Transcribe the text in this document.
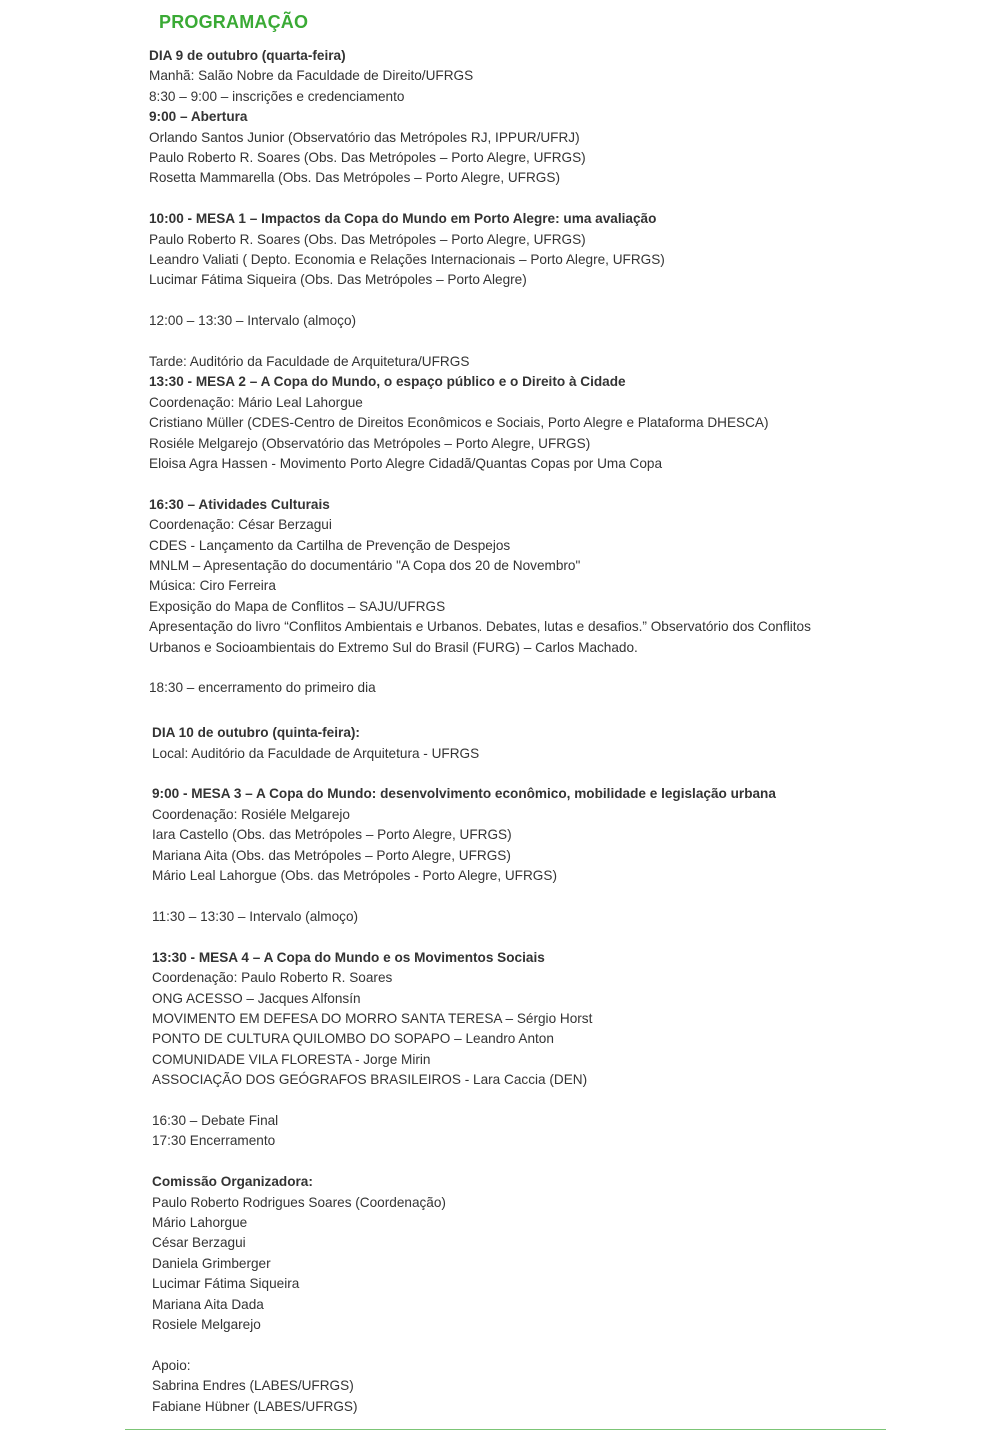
PROGRAMAÇÃO
DIA 9 de outubro (quarta-feira)
Manhã: Salão Nobre da Faculdade de Direito/UFRGS
8:30 – 9:00 – inscrições e credenciamento
9:00 – Abertura
Orlando Santos Junior (Observatório das Metrópoles RJ, IPPUR/UFRJ)
Paulo Roberto R. Soares (Obs. Das Metrópoles – Porto Alegre, UFRGS)
Rosetta Mammarella (Obs. Das Metrópoles – Porto Alegre, UFRGS)
10:00 - MESA 1 – Impactos da Copa do Mundo em Porto Alegre: uma avaliação
Paulo Roberto R. Soares (Obs. Das Metrópoles – Porto Alegre, UFRGS)
Leandro Valiati ( Depto. Economia e Relações Internacionais – Porto Alegre, UFRGS)
Lucimar Fátima Siqueira (Obs. Das Metrópoles – Porto Alegre)
12:00 – 13:30 – Intervalo (almoço)
Tarde: Auditório da Faculdade de Arquitetura/UFRGS
13:30 - MESA 2 – A Copa do Mundo, o espaço público e o Direito à Cidade
Coordenação: Mário Leal Lahorgue
Cristiano Müller (CDES-Centro de Direitos Econômicos e Sociais, Porto Alegre e Plataforma DHESCA)
Rosiéle Melgarejo (Observatório das Metrópoles – Porto Alegre, UFRGS)
Eloisa Agra Hassen - Movimento Porto Alegre Cidadã/Quantas Copas por Uma Copa
16:30 – Atividades Culturais
Coordenação: César Berzagui
CDES - Lançamento da Cartilha de Prevenção de Despejos
MNLM – Apresentação do documentário "A Copa dos 20 de Novembro"
Música: Ciro Ferreira
Exposição do Mapa de Conflitos – SAJU/UFRGS
Apresentação do livro “Conflitos Ambientais e Urbanos. Debates, lutas e desafios.” Observatório dos Conflitos
Urbanos e Socioambientais do Extremo Sul do Brasil (FURG) – Carlos Machado.
18:30 – encerramento do primeiro dia
DIA 10 de outubro (quinta-feira):
Local: Auditório da Faculdade de Arquitetura - UFRGS
9:00 - MESA 3 – A Copa do Mundo: desenvolvimento econômico, mobilidade e legislação urbana
Coordenação: Rosiéle Melgarejo
Iara Castello (Obs. das Metrópoles – Porto Alegre, UFRGS)
Mariana Aita (Obs. das Metrópoles – Porto Alegre, UFRGS)
Mário Leal Lahorgue (Obs. das Metrópoles - Porto Alegre, UFRGS)
11:30 – 13:30 – Intervalo (almoço)
13:30 - MESA 4 – A Copa do Mundo e os Movimentos Sociais
Coordenação: Paulo Roberto R. Soares
ONG ACESSO – Jacques Alfonsín
MOVIMENTO EM DEFESA DO MORRO SANTA TERESA – Sérgio Horst
PONTO DE CULTURA QUILOMBO DO SOPAPO – Leandro Anton
COMUNIDADE VILA FLORESTA - Jorge Mirin
ASSOCIAÇÃO DOS GEÓGRAFOS BRASILEIROS - Lara Caccia (DEN)
16:30 – Debate Final
17:30 Encerramento
Comissão Organizadora:
Paulo Roberto Rodrigues Soares (Coordenação)
Mário Lahorgue
César Berzagui
Daniela Grimberger
Lucimar Fátima Siqueira
Mariana Aita Dada
Rosiele Melgarejo
Apoio:
Sabrina Endres (LABES/UFRGS)
Fabiane Hübner (LABES/UFRGS)
